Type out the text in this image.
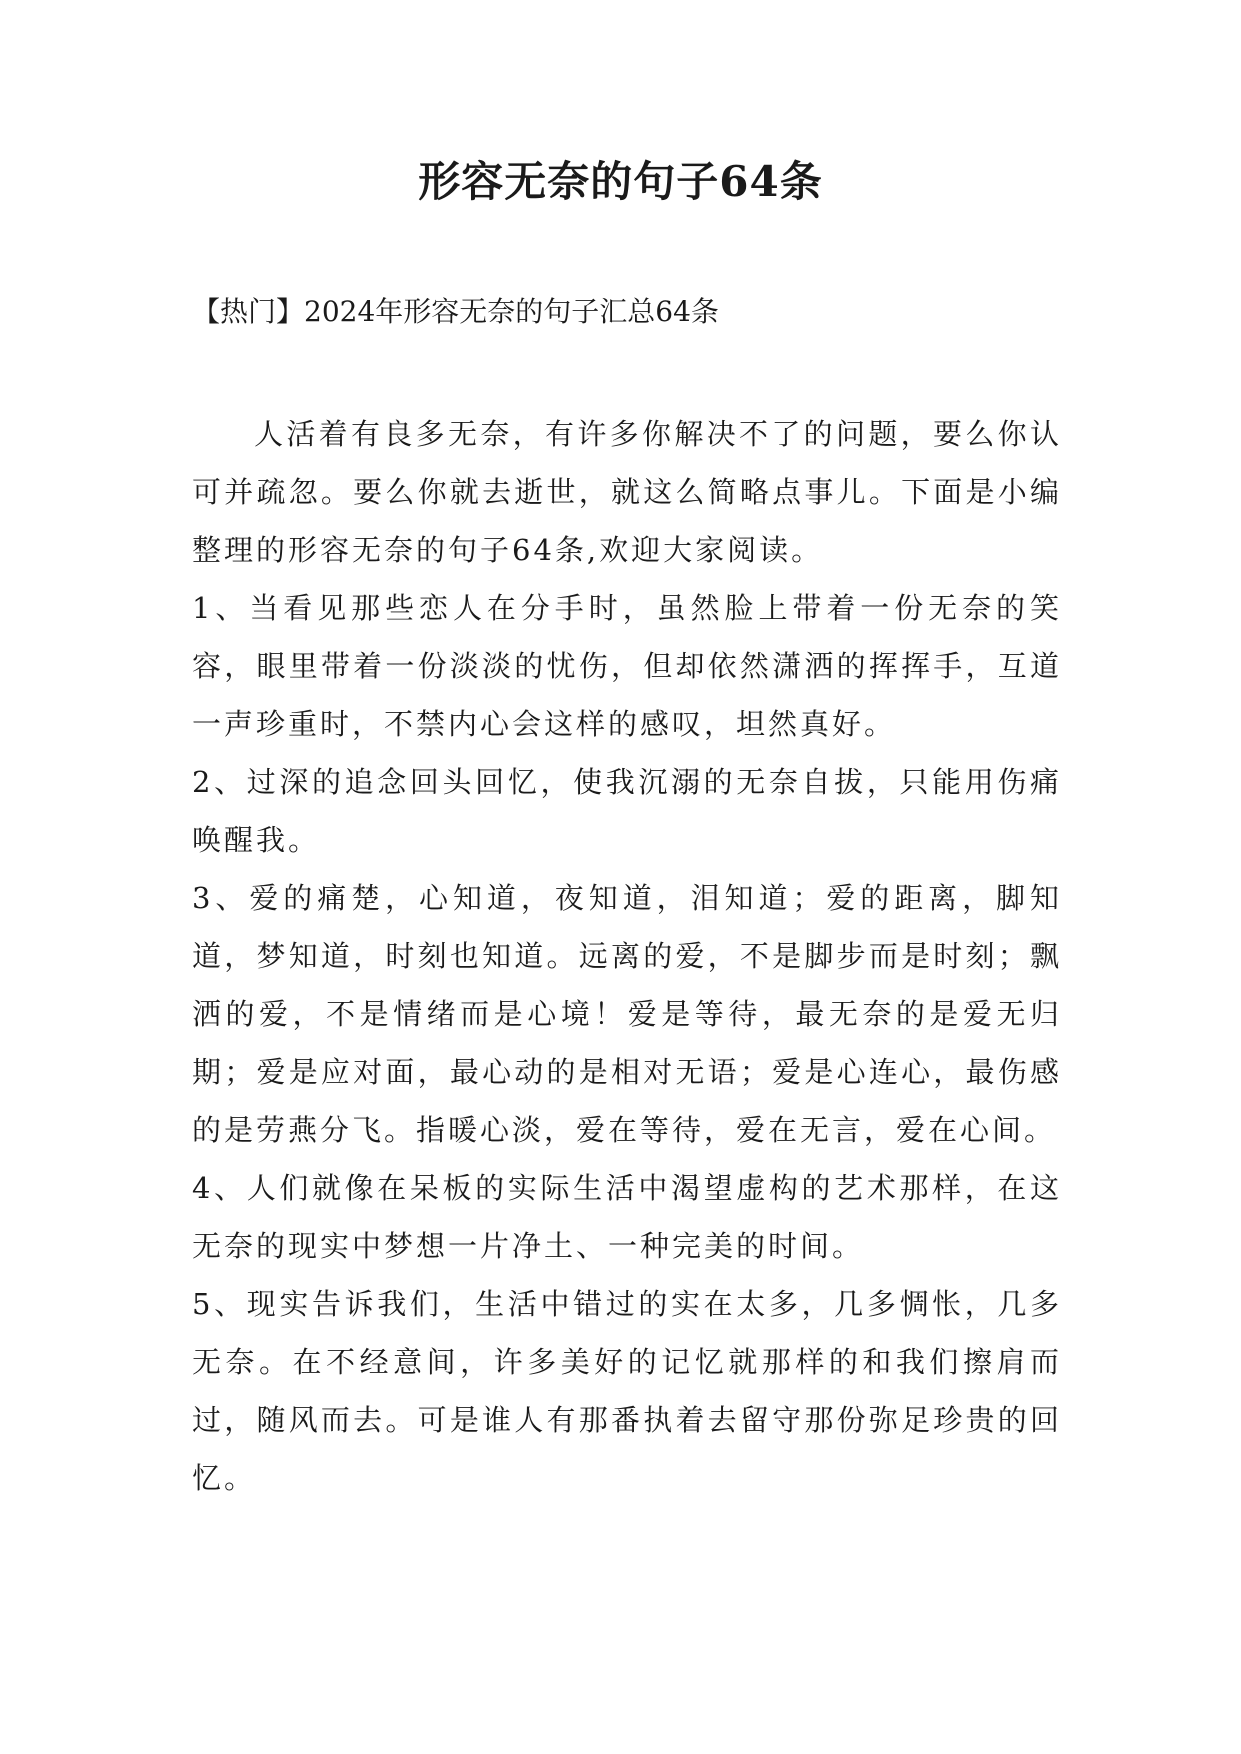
形容无奈的句子64条

【热门】2024年形容无奈的句子汇总64条

人活着有良多无奈，有许多你解决不了的问题，要么你认可并疏忽。要么你就去逝世，就这么简略点事儿。下面是小编整理的形容无奈的句子64条,欢迎大家阅读。

1、当看见那些恋人在分手时，虽然脸上带着一份无奈的笑容，眼里带着一份淡淡的忧伤，但却依然潇洒的挥挥手，互道一声珍重时，不禁内心会这样的感叹，坦然真好。

2、过深的追念回头回忆，使我沉溺的无奈自拔，只能用伤痛唤醒我。

3、爱的痛楚，心知道，夜知道，泪知道；爱的距离，脚知道，梦知道，时刻也知道。远离的爱，不是脚步而是时刻；飘洒的爱，不是情绪而是心境！爱是等待，最无奈的是爱无归期；爱是应对面，最心动的是相对无语；爱是心连心，最伤感的是劳燕分飞。指暖心淡，爱在等待，爱在无言，爱在心间。

4、人们就像在呆板的实际生活中渴望虚构的艺术那样，在这无奈的现实中梦想一片净土、一种完美的时间。

5、现实告诉我们，生活中错过的实在太多，几多惆怅，几多无奈。在不经意间，许多美好的记忆就那样的和我们擦肩而过，随风而去。可是谁人有那番执着去留守那份弥足珍贵的回忆。
